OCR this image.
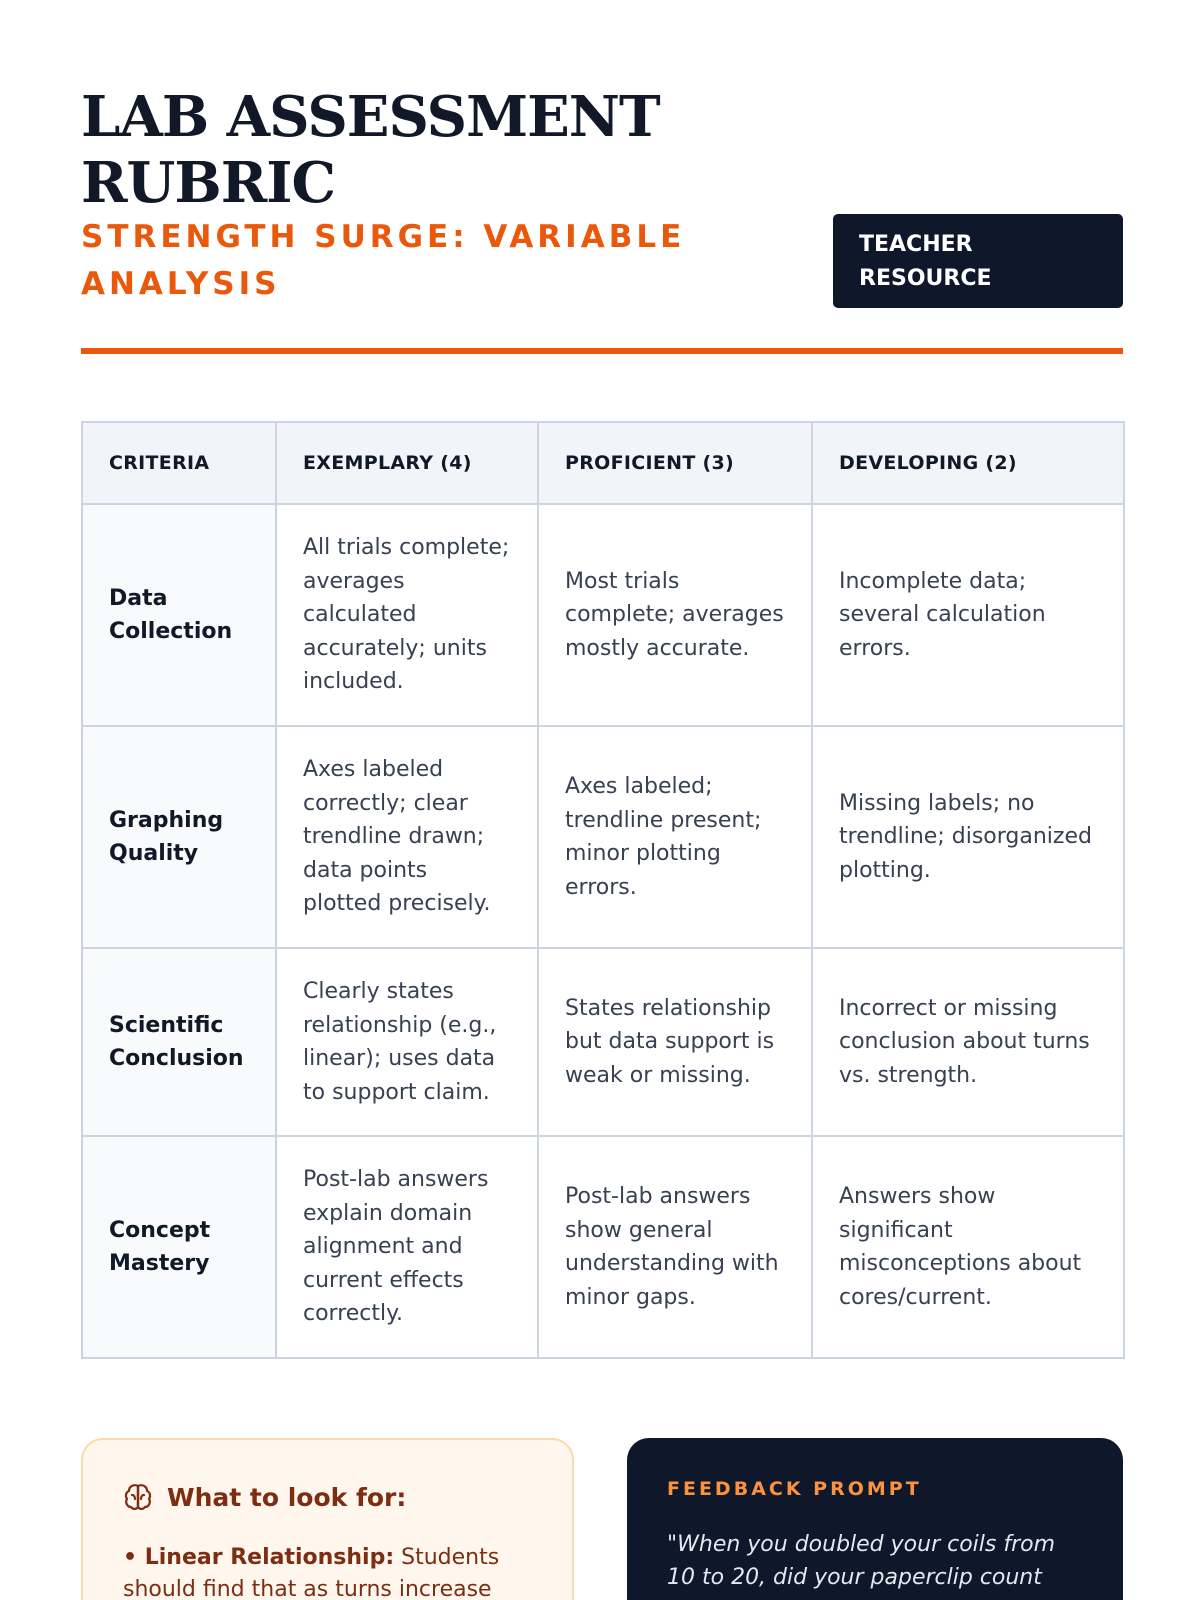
LAB ASSESSMENT RUBRIC
STRENGTH SURGE: VARIABLE ANALYSIS
TEACHER RESOURCE
CRITERIA	EXEMPLARY (4)	PROFICIENT (3)	DEVELOPING (2)
Data Collection	All trials complete; averages calculated accurately; units included.	Most trials complete; averages mostly accurate.	Incomplete data; several calculation errors.
Graphing Quality	Axes labeled correctly; clear trendline drawn; data points plotted precisely.	Axes labeled; trendline present; minor plotting errors.	Missing labels; no trendline; disorganized plotting.
Scientific Conclusion	Clearly states relationship (e.g., linear); uses data to support claim.	States relationship but data support is weak or missing.	Incorrect or missing conclusion about turns vs. strength.
Concept Mastery	Post-lab answers explain domain alignment and current effects correctly.	Post-lab answers show general understanding with minor gaps.	Answers show significant misconceptions about cores/current.
What to look for:

• Linear Relationship: Students should find that as turns increase

FEEDBACK PROMPT

"When you doubled your coils from 10 to 20, did your paperclip count
